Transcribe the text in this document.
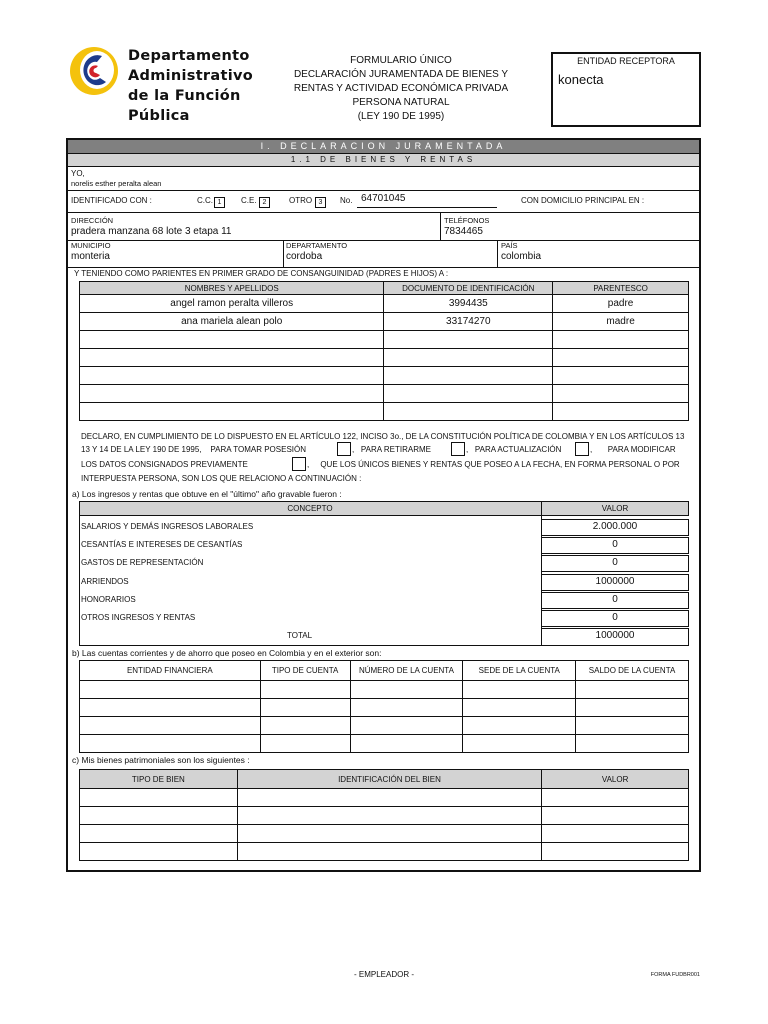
Departamento
Administrativo
de la Función
Pública
FORMULARIO ÚNICO
DECLARACIÓN JURAMENTADA DE BIENES Y
RENTAS Y ACTIVIDAD ECONÓMICA PRIVADA
PERSONA NATURAL
(LEY 190 DE 1995)
ENTIDAD RECEPTORA
konecta
I. DECLARACION JURAMENTADA
1.1 DE BIENES Y RENTAS
YO,
norelis esther peralta alean
IDENTIFICADO CON :	C.C. 1	C.E. 2	OTRO 3	No. 64701045	CON DOMICILIO PRINCIPAL EN :
DIRECCIÓN
pradera manzana 68 lote 3 etapa 11
TELÉFONOS
7834465
MUNICIPIO
monteria
DEPARTAMENTO
cordoba
PAÍS
colombia
Y TENIENDO COMO PARIENTES EN PRIMER GRADO DE CONSANGUINIDAD (PADRES E HIJOS) A :
NOMBRES Y APELLIDOS	DOCUMENTO DE IDENTIFICACIÓN	PARENTESCO
angel ramon peralta villeros	3994435	padre
ana mariela alean polo	33174270	madre

DECLARO, EN CUMPLIMIENTO DE LO DISPUESTO EN EL ARTÍCULO 122, INCISO 3o., DE LA CONSTITUCIÓN POLÍTICA DE COLOMBIA Y EN LOS ARTÍCULOS 13
13 Y 14 DE LA LEY 190 DE 1995,    PARA TOMAR POSESIÓN	,   PARA RETIRARME	,   PARA ACTUALIZACIÓN	,       PARA MODIFICAR
LOS DATOS CONSIGNADOS PREVIAMENTE	,     QUE LOS ÚNICOS BIENES Y RENTAS QUE POSEO A LA FECHA, EN FORMA PERSONAL O POR
INTERPUESTA PERSONA, SON LOS QUE RELACIONO A CONTINUACIÓN :
a) Los ingresos y rentas que obtuve en el "último" año gravable fueron :
CONCEPTO	VALOR
SALARIOS Y DEMÁS INGRESOS LABORALES	2.000.000
CESANTÍAS E INTERESES DE CESANTÍAS	0
GASTOS DE REPRESENTACIÓN	0
ARRIENDOS	1000000
HONORARIOS	0
OTROS INGRESOS Y RENTAS	0
TOTAL	1000000
b) Las cuentas corrientes y de ahorro que poseo en Colombia y en el exterior son:
ENTIDAD FINANCIERA	TIPO DE CUENTA	NÚMERO DE LA CUENTA	SEDE DE LA CUENTA	SALDO DE LA CUENTA

c) Mis bienes patrimoniales son los siguientes :
TIPO DE BIEN	IDENTIFICACIÓN DEL BIEN	VALOR

- EMPLEADOR -	FORMA FUDBR001
